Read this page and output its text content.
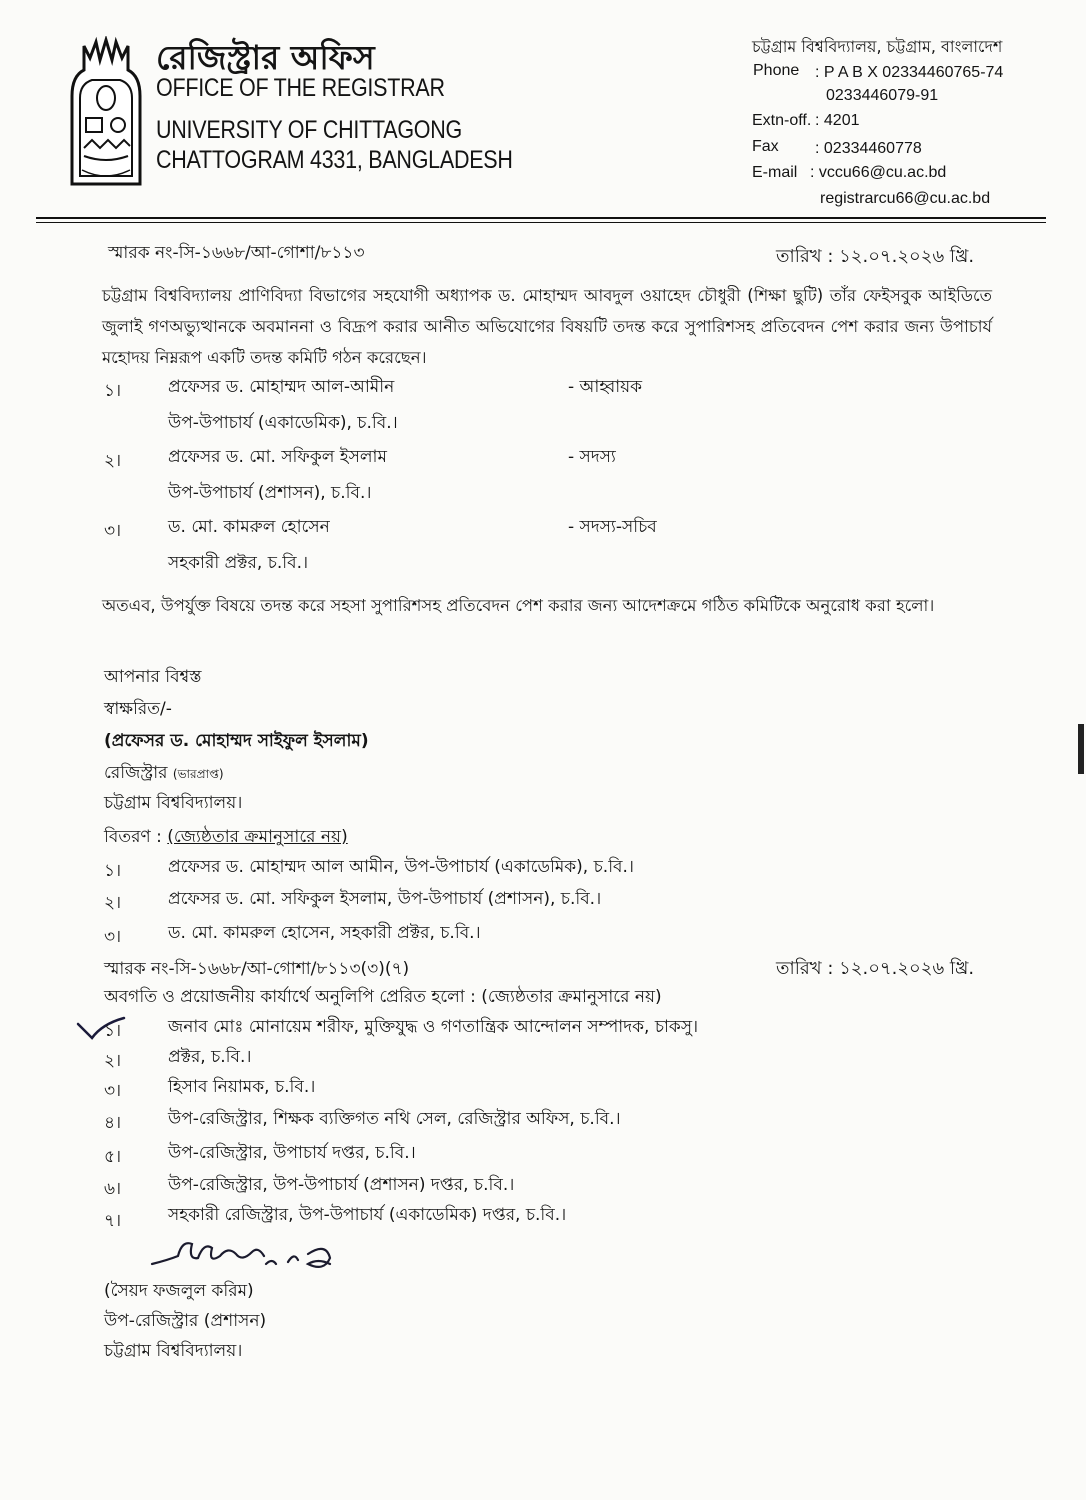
রেজিস্ট্রার অফিস
OFFICE OF THE REGISTRAR
UNIVERSITY OF CHITTAGONG
CHATTOGRAM 4331, BANGLADESH
চট্টগ্রাম বিশ্ববিদ্যালয়, চট্টগ্রাম, বাংলাদেশ
Phone : P A B X 02334460765-74
0233446079-91
Extn-off. : 4201
Fax : 02334460778
E-mail : vccu66@cu.ac.bd
registrarcu66@cu.ac.bd
স্মারক নং-সি-১৬৬৮/আ-গোশা/৮১১৩	তারিখ : ১২.০৭.২০২৬ খ্রি.
চট্টগ্রাম বিশ্ববিদ্যালয় প্রাণিবিদ্যা বিভাগের সহযোগী অধ্যাপক ড. মোহাম্মদ আবদুল ওয়াহেদ চৌধুরী (শিক্ষা ছুটি) তাঁর ফেইসবুক আইডিতে জুলাই গণঅভ্যুত্থানকে অবমাননা ও বিদ্রূপ করার আনীত অভিযোগের বিষয়টি তদন্ত করে সুপারিশসহ প্রতিবেদন পেশ করার জন্য উপাচার্য মহোদয় নিম্নরূপ একটি তদন্ত কমিটি গঠন করেছেন।
১।	প্রফেসর ড. মোহাম্মদ আল-আমীন	- আহ্বায়ক
উপ-উপাচার্য (একাডেমিক), চ.বি.।
২।	প্রফেসর ড. মো. সফিকুল ইসলাম	- সদস্য
উপ-উপাচার্য (প্রশাসন), চ.বি.।
৩।	ড. মো. কামরুল হোসেন	- সদস্য-সচিব
সহকারী প্রক্টর, চ.বি.।
অতএব, উপর্যুক্ত বিষয়ে তদন্ত করে সহসা সুপারিশসহ প্রতিবেদন পেশ করার জন্য আদেশক্রমে গঠিত কমিটিকে অনুরোধ করা হলো।
আপনার বিশ্বস্ত
স্বাক্ষরিত/-
(প্রফেসর ড. মোহাম্মদ সাইফুল ইসলাম)
রেজিস্ট্রার (ভারপ্রাপ্ত)
চট্টগ্রাম বিশ্ববিদ্যালয়।
বিতরণ : (জ্যেষ্ঠতার ক্রমানুসারে নয়)
১।	প্রফেসর ড. মোহাম্মদ আল আমীন, উপ-উপাচার্য (একাডেমিক), চ.বি.।
২।	প্রফেসর ড. মো. সফিকুল ইসলাম, উপ-উপাচার্য (প্রশাসন), চ.বি.।
৩।	ড. মো. কামরুল হোসেন, সহকারী প্রক্টর, চ.বি.।
স্মারক নং-সি-১৬৬৮/আ-গোশা/৮১১৩(৩)(৭)	তারিখ : ১২.০৭.২০২৬ খ্রি.
অবগতি ও প্রয়োজনীয় কার্যার্থে অনুলিপি প্রেরিত হলো : (জ্যেষ্ঠতার ক্রমানুসারে নয়)
১।	জনাব মোঃ মোনায়েম শরীফ, মুক্তিযুদ্ধ ও গণতান্ত্রিক আন্দোলন সম্পাদক, চাকসু।
২।	প্রক্টর, চ.বি.।
৩।	হিসাব নিয়ামক, চ.বি.।
৪।	উপ-রেজিস্ট্রার, শিক্ষক ব্যক্তিগত নথি সেল, রেজিস্ট্রার অফিস, চ.বি.।
৫।	উপ-রেজিস্ট্রার, উপাচার্য দপ্তর, চ.বি.।
৬।	উপ-রেজিস্ট্রার, উপ-উপাচার্য (প্রশাসন) দপ্তর, চ.বি.।
৭।	সহকারী রেজিস্ট্রার, উপ-উপাচার্য (একাডেমিক) দপ্তর, চ.বি.।
(সৈয়দ ফজলুল করিম)
উপ-রেজিস্ট্রার (প্রশাসন)
চট্টগ্রাম বিশ্ববিদ্যালয়।
